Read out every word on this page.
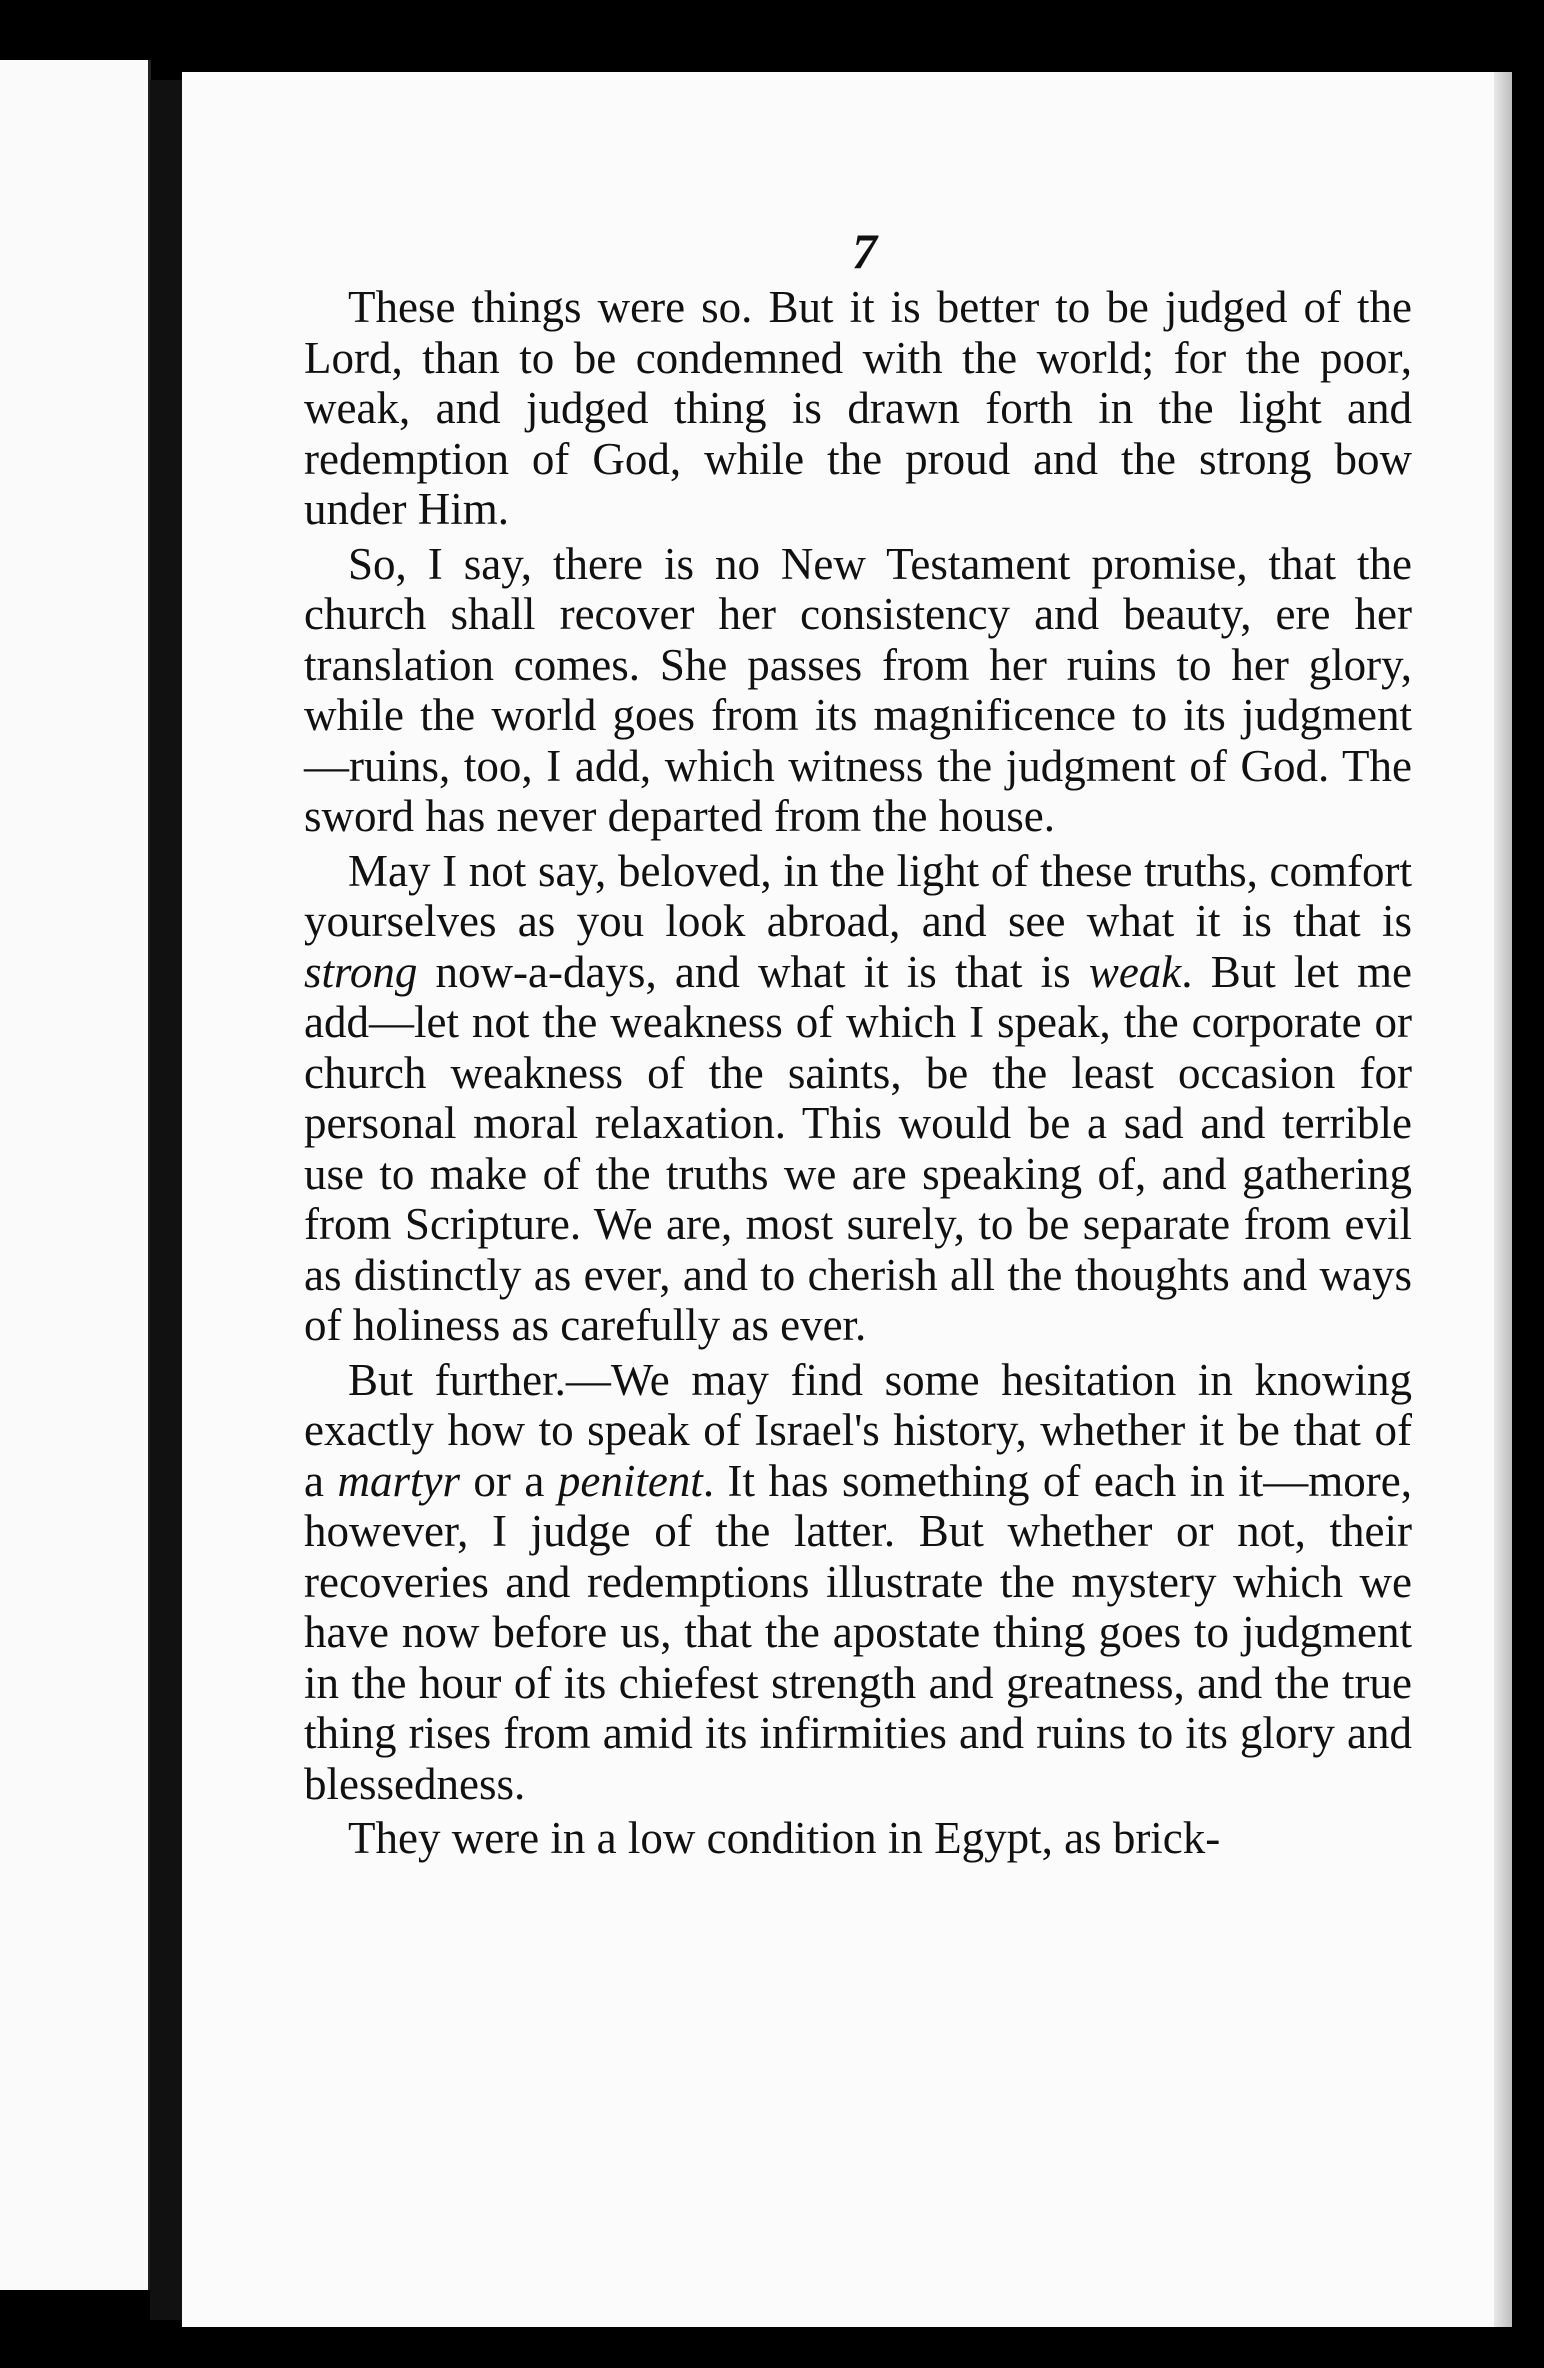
7

These things were so. But it is better to be judged of the Lord, than to be condemned with the world; for the poor, weak, and judged thing is drawn forth in the light and redemption of God, while the proud and the strong bow under Him.

So, I say, there is no New Testament promise, that the church shall recover her consistency and beauty, ere her translation comes. She passes from her ruins to her glory, while the world goes from its magnificence to its judgment—ruins, too, I add, which witness the judgment of God. The sword has never departed from the house.

May I not say, beloved, in the light of these truths, comfort yourselves as you look abroad, and see what it is that is strong now-a-days, and what it is that is weak. But let me add—let not the weakness of which I speak, the corporate or church weakness of the saints, be the least occasion for personal moral relaxation. This would be a sad and terrible use to make of the truths we are speaking of, and gathering from Scripture. We are, most surely, to be separate from evil as distinctly as ever, and to cherish all the thoughts and ways of holiness as carefully as ever.

But further.—We may find some hesitation in knowing exactly how to speak of Israel's history, whether it be that of a martyr or a penitent. It has something of each in it—more, however, I judge of the latter. But whether or not, their recoveries and redemptions illustrate the mystery which we have now before us, that the apostate thing goes to judgment in the hour of its chiefest strength and greatness, and the true thing rises from amid its infirmities and ruins to its glory and blessedness.

They were in a low condition in Egypt, as brick-
